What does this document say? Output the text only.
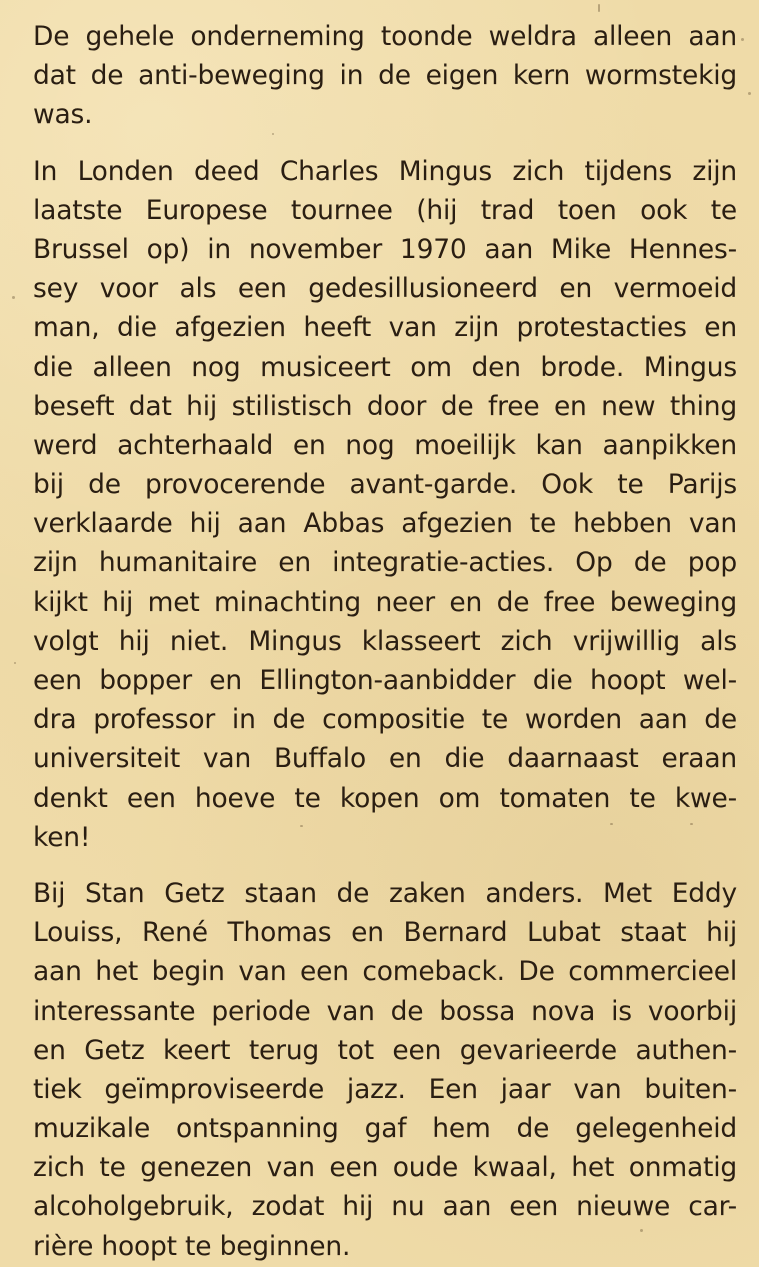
De gehele onderneming toonde weldra alleen aan
dat de anti-beweging in de eigen kern wormstekig
was.
In Londen deed Charles Mingus zich tijdens zijn
laatste Europese tournee (hij trad toen ook te
Brussel op) in november 1970 aan Mike Hennes-
sey voor als een gedesillusioneerd en vermoeid
man, die afgezien heeft van zijn protestacties en
die alleen nog musiceert om den brode. Mingus
beseft dat hij stilistisch door de free en new thing
werd achterhaald en nog moeilijk kan aanpikken
bij de provocerende avant-garde. Ook te Parijs
verklaarde hij aan Abbas afgezien te hebben van
zijn humanitaire en integratie-acties. Op de pop
kijkt hij met minachting neer en de free beweging
volgt hij niet. Mingus klasseert zich vrijwillig als
een bopper en Ellington-aanbidder die hoopt wel-
dra professor in de compositie te worden aan de
universiteit van Buffalo en die daarnaast eraan
denkt een hoeve te kopen om tomaten te kwe-
ken!
Bij Stan Getz staan de zaken anders. Met Eddy
Louiss, René Thomas en Bernard Lubat staat hij
aan het begin van een comeback. De commercieel
interessante periode van de bossa nova is voorbij
en Getz keert terug tot een gevarieerde authen-
tiek geïmproviseerde jazz. Een jaar van buiten-
muzikale ontspanning gaf hem de gelegenheid
zich te genezen van een oude kwaal, het onmatig
alcoholgebruik, zodat hij nu aan een nieuwe car-
rière hoopt te beginnen.
